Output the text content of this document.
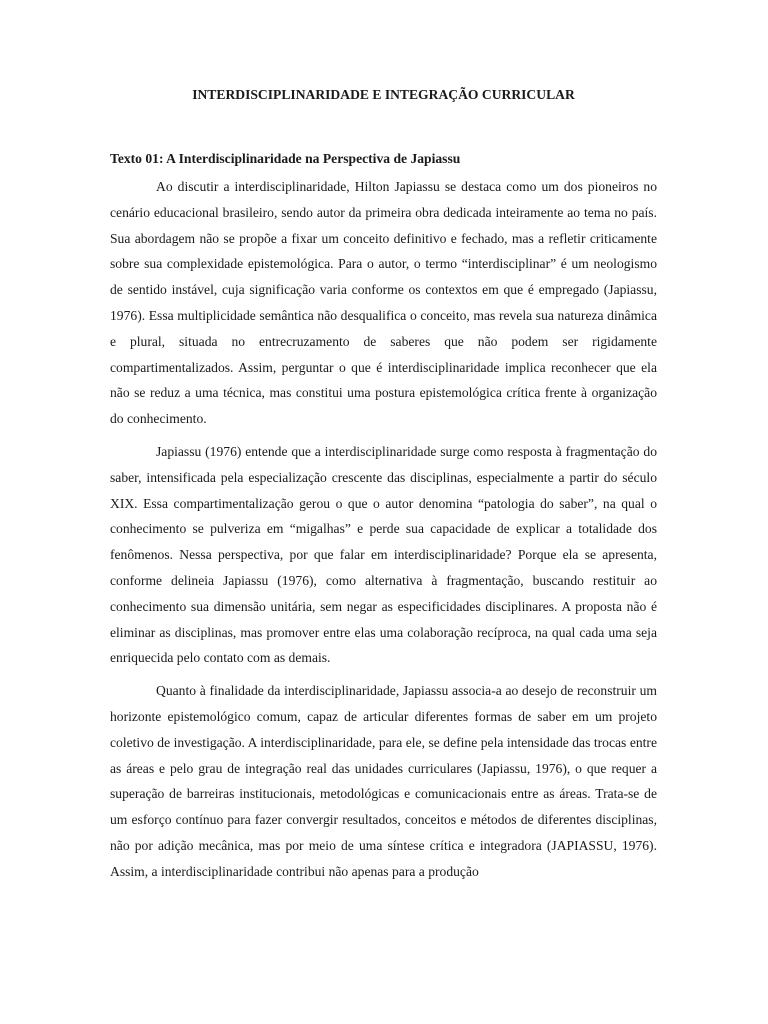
INTERDISCIPLINARIDADE E INTEGRAÇÃO CURRICULAR
Texto 01: A Interdisciplinaridade na Perspectiva de Japiassu

Ao discutir a interdisciplinaridade, Hilton Japiassu se destaca como um dos pioneiros no cenário educacional brasileiro, sendo autor da primeira obra dedicada inteiramente ao tema no país. Sua abordagem não se propõe a fixar um conceito definitivo e fechado, mas a refletir criticamente sobre sua complexidade epistemológica. Para o autor, o termo “interdisciplinar” é um neologismo de sentido instável, cuja significação varia conforme os contextos em que é empregado (Japiassu, 1976). Essa multiplicidade semântica não desqualifica o conceito, mas revela sua natureza dinâmica e plural, situada no entrecruzamento de saberes que não podem ser rigidamente compartimentalizados. Assim, perguntar o que é interdisciplinaridade implica reconhecer que ela não se reduz a uma técnica, mas constitui uma postura epistemológica crítica frente à organização do conhecimento.

Japiassu (1976) entende que a interdisciplinaridade surge como resposta à fragmentação do saber, intensificada pela especialização crescente das disciplinas, especialmente a partir do século XIX. Essa compartimentalização gerou o que o autor denomina “patologia do saber”, na qual o conhecimento se pulveriza em “migalhas” e perde sua capacidade de explicar a totalidade dos fenômenos. Nessa perspectiva, por que falar em interdisciplinaridade? Porque ela se apresenta, conforme delineia Japiassu (1976), como alternativa à fragmentação, buscando restituir ao conhecimento sua dimensão unitária, sem negar as especificidades disciplinares. A proposta não é eliminar as disciplinas, mas promover entre elas uma colaboração recíproca, na qual cada uma seja enriquecida pelo contato com as demais.

Quanto à finalidade da interdisciplinaridade, Japiassu associa-a ao desejo de reconstruir um horizonte epistemológico comum, capaz de articular diferentes formas de saber em um projeto coletivo de investigação. A interdisciplinaridade, para ele, se define pela intensidade das trocas entre as áreas e pelo grau de integração real das unidades curriculares (Japiassu, 1976), o que requer a superação de barreiras institucionais, metodológicas e comunicacionais entre as áreas. Trata-se de um esforço contínuo para fazer convergir resultados, conceitos e métodos de diferentes disciplinas, não por adição mecânica, mas por meio de uma síntese crítica e integradora (JAPIASSU, 1976). Assim, a interdisciplinaridade contribui não apenas para a produção
